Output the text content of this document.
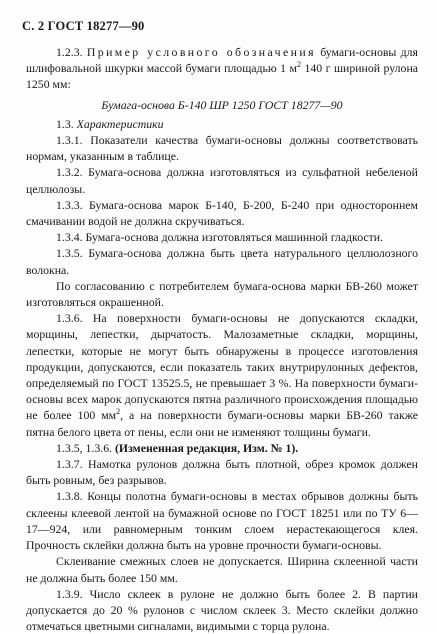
С. 2 ГОСТ 18277—90

1.2.3. Пример условного обозначения бумаги-основы для шлифовальной шкурки массой бумаги площадью 1 $м^2$ 140 г шириной рулона 1250 мм:

Бумага-основа Б-140 ШР 1250 ГОСТ 18277—90

1.3. Характеристики

1.3.1. Показатели качества бумаги-основы должны соответствовать нормам, указанным в таблице.

1.3.2. Бумага-основа должна изготовляться из сульфатной небеленой целлюлозы.

1.3.3. Бумага-основа марок Б-140, Б-200, Б-240 при одностороннем смачивании водой не должна скручиваться.

1.3.4. Бумага-основа должна изготовляться машинной гладкости.

1.3.5. Бумага-основа должна быть цвета натурального целлюлозного волокна.

По согласованию с потребителем бумага-основа марки БВ-260 может изготовляться окрашенной.

1.3.6. На поверхности бумаги-основы не допускаются складки, морщины, лепестки, дырчатость. Малозаметные складки, морщины, лепестки, которые не могут быть обнаружены в процессе изготовления продукции, допускаются, если показатель таких внутрирулонных дефектов, определяемый по ГОСТ 13525.5, не превышает 3 %. На поверхности бумаги-основы всех марок допускаются пятна различного происхождения площадью не более 100 $мм^2$, а на поверхности бумаги-основы марки БВ-260 также пятна белого цвета от пены, если они не изменяют толщины бумаги.

1.3.5, 1.3.6. (Измененная редакция, Изм. № 1).

1.3.7. Намотка рулонов должна быть плотной, обрез кромок должен быть ровным, без разрывов.

1.3.8. Концы полотна бумаги-основы в местах обрывов должны быть склеены клеевой лентой на бумажной основе по ГОСТ 18251 или по ТУ 6—17—924, или равномерным тонким слоем нерастекающегося клея. Прочность склейки должна быть на уровне прочности бумаги-основы.

Склеивание смежных слоев не допускается. Ширина склеенной части не должна быть более 150 мм.

1.3.9. Число склеек в рулоне не должно быть более 2. В партии допускается до 20 % рулонов с числом склеек 3. Место склейки должно отмечаться цветными сигналами, видимыми с торца рулона.
